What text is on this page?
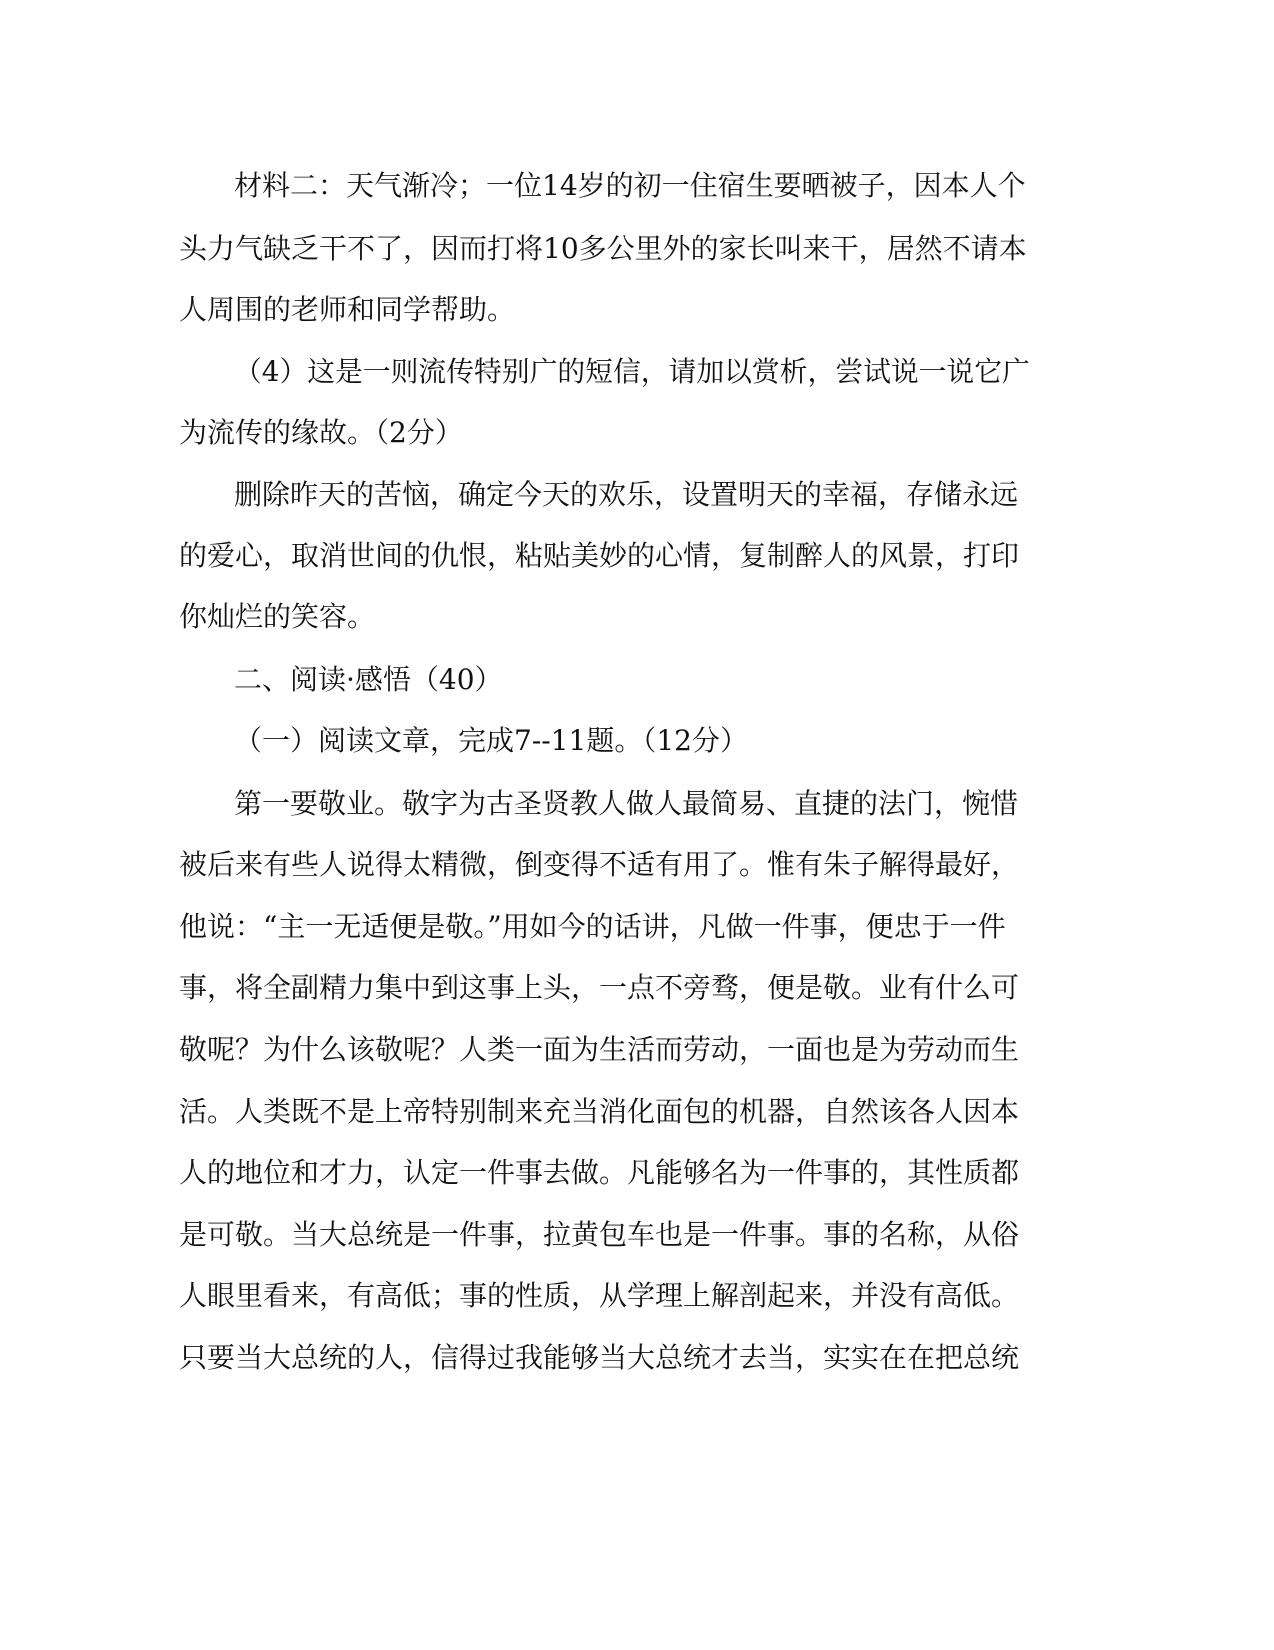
材料二：天气渐冷；一位14岁的初一住宿生要晒被子，因本人个
头力气缺乏干不了，因而打将10多公里外的家长叫来干，居然不请本
人周围的老师和同学帮助。
（4）这是一则流传特别广的短信，请加以赏析，尝试说一说它广
为流传的缘故。（2分）
删除昨天的苦恼，确定今天的欢乐，设置明天的幸福，存储永远
的爱心，取消世间的仇恨，粘贴美妙的心情，复制醉人的风景，打印
你灿烂的笑容。
二、阅读·感悟（40）
（一）阅读文章，完成7--11题。（12分）
第一要敬业。敬字为古圣贤教人做人最简易、直捷的法门，惋惜
被后来有些人说得太精微，倒变得不适有用了。惟有朱子解得最好，
他说：“主一无适便是敬。”用如今的话讲，凡做一件事，便忠于一件
事，将全副精力集中到这事上头，一点不旁骛，便是敬。业有什么可
敬呢？为什么该敬呢？人类一面为生活而劳动，一面也是为劳动而生
活。人类既不是上帝特别制来充当消化面包的机器，自然该各人因本
人的地位和才力，认定一件事去做。凡能够名为一件事的，其性质都
是可敬。当大总统是一件事，拉黄包车也是一件事。事的名称，从俗
人眼里看来，有高低；事的性质，从学理上解剖起来，并没有高低。
只要当大总统的人，信得过我能够当大总统才去当，实实在在把总统
